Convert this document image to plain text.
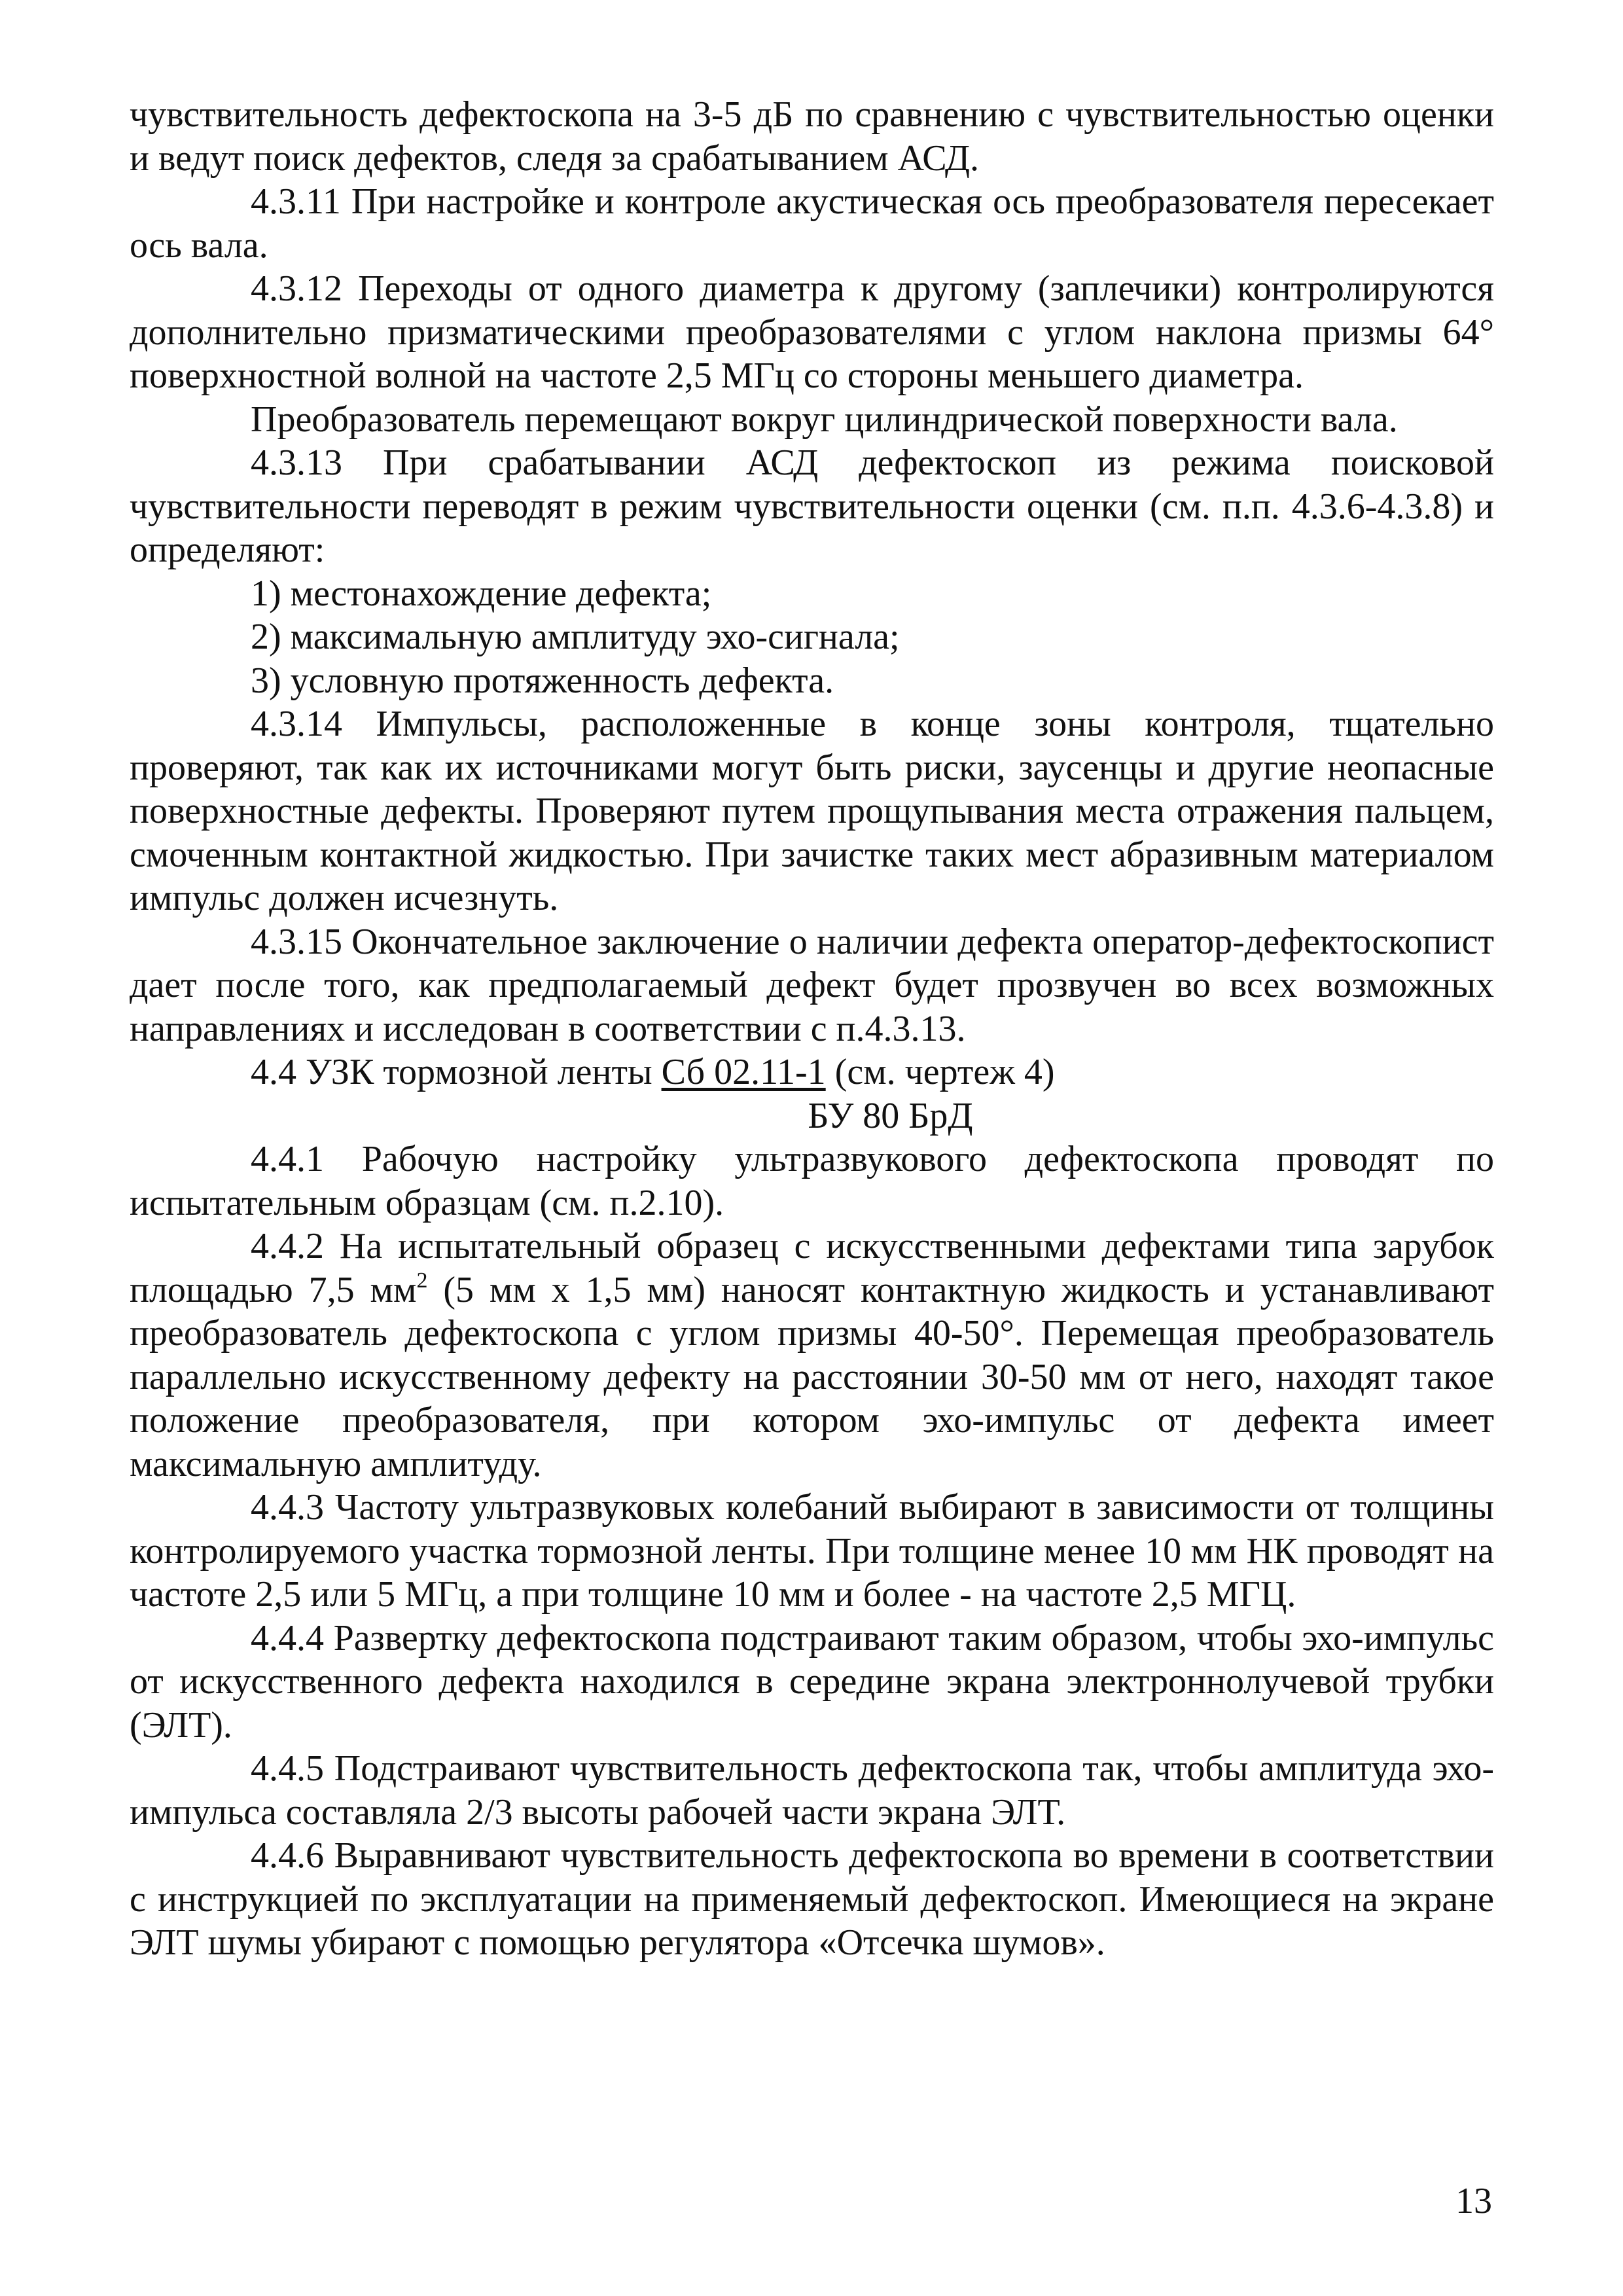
чувствительность дефектоскопа на 3-5 дБ по сравнению с чувствительностью оценки и ведут поиск дефектов, следя за срабатыванием АСД.

4.3.11 При настройке и контроле акустическая ось преобразователя пересекает ось вала.

4.3.12 Переходы от одного диаметра к другому (заплечики) контролируются дополнительно призматическими преобразователями с углом наклона призмы 64° поверхностной волной на частоте 2,5 МГц со стороны меньшего диаметра.

Преобразователь перемещают вокруг цилиндрической поверхности вала.

4.3.13 При срабатывании АСД дефектоскоп из режима поисковой чувствительности переводят в режим чувствительности оценки (см. п.п. 4.3.6-4.3.8) и определяют:

1) местонахождение дефекта;

2) максимальную амплитуду эхо-сигнала;

3) условную протяженность дефекта.

4.3.14 Импульсы, расположенные в конце зоны контроля, тщательно проверяют, так как их источниками могут быть риски, заусенцы и другие неопасные поверхностные дефекты. Проверяют путем прощупывания места отражения пальцем, смоченным контактной жидкостью. При зачистке таких мест абразивным материалом импульс должен исчезнуть.

4.3.15 Окончательное заключение о наличии дефекта оператор-дефектоскопист дает после того, как предполагаемый дефект будет прозвучен во всех возможных направлениях и исследован в соответствии с п.4.3.13.

4.4 УЗК тормозной ленты Сб 02.11-1 (см. чертеж 4)

БУ 80 БрД

4.4.1 Рабочую настройку ультразвукового дефектоскопа проводят по испытательным образцам (см. п.2.10).

4.4.2 На испытательный образец с искусственными дефектами типа зарубок площадью 7,5 $мм^2$ (5 мм х 1,5 мм) наносят контактную жидкость и устанавливают преобразователь дефектоскопа с углом призмы 40-50°. Перемещая преобразователь параллельно искусственному дефекту на расстоянии 30-50 мм от него, находят такое положение преобразователя, при котором эхо-импульс от дефекта имеет максимальную амплитуду.

4.4.3 Частоту ультразвуковых колебаний выбирают в зависимости от толщины контролируемого участка тормозной ленты. При толщине менее 10 мм НК проводят на частоте 2,5 или 5 МГц, а при толщине 10 мм и более - на частоте 2,5 МГЦ.

4.4.4 Развертку дефектоскопа подстраивают таким образом, чтобы эхо-импульс от искусственного дефекта находился в середине экрана электроннолучевой трубки (ЭЛТ).

4.4.5 Подстраивают чувствительность дефектоскопа так, чтобы амплитуда эхо-импульса составляла 2/3 высоты рабочей части экрана ЭЛТ.

4.4.6 Выравнивают чувствительность дефектоскопа во времени в соответствии с инструкцией по эксплуатации на применяемый дефектоскоп. Имеющиеся на экране ЭЛТ шумы убирают с помощью регулятора «Отсечка шумов».

13
